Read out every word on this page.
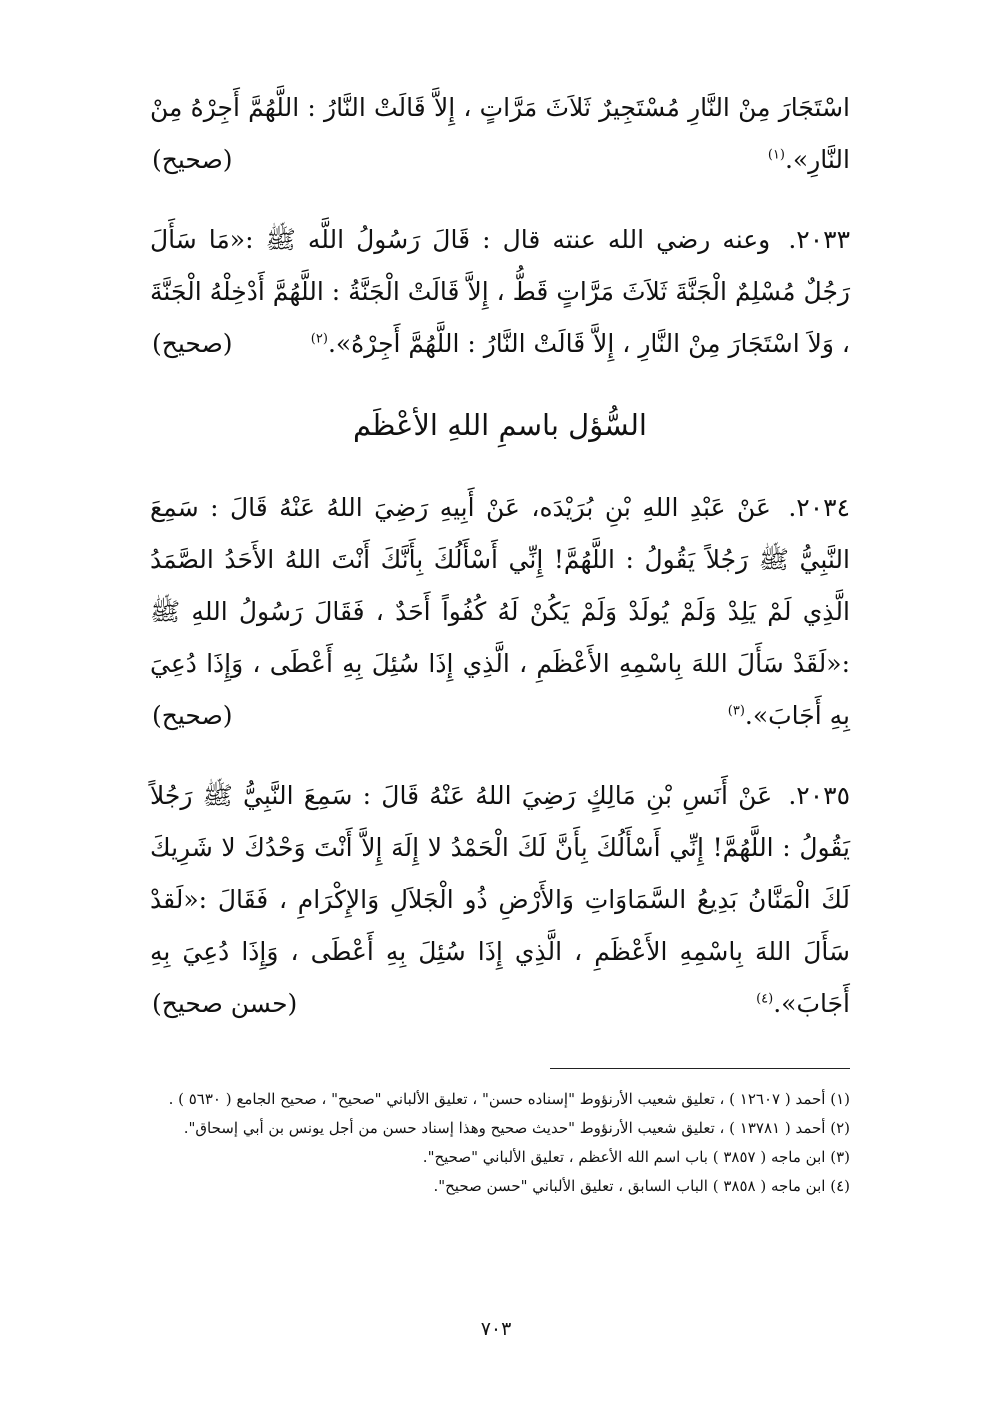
اسْتَجَارَ مِنْ النَّارِ مُسْتَجِيرٌ ثَلاَثَ مَرَّاتٍ ، إِلاَّ قَالَتْ النَّارُ : اللَّهُمَّ أَجِرْهُ مِنْ النَّارِ».$^{(١)}$
(صحيح)

٢٠٣٣. وعنه رضي الله عنته قال : قَالَ رَسُولُ اللَّه ﷺ :«مَا سَأَلَ رَجُلٌ مُسْلِمٌ الْجَنَّةَ ثَلاَثَ مَرَّاتٍ قَطُّ ، إِلاَّ قَالَتْ الْجَنَّةُ : اللَّهُمَّ أَدْخِلْهُ الْجَنَّةَ ، وَلاَ اسْتَجَارَ مِنْ النَّارِ ، إِلاَّ قَالَتْ النَّارُ : اللَّهُمَّ أَجِرْهُ».$^{(٢)}$
(صحيح)

السُّؤل باسمِ اللهِ الأعْظَم

٢٠٣٤. عَنْ عَبْدِ اللهِ بْنِ بُرَيْدَه، عَنْ أَبِيهِ رَضِيَ اللهُ عَنْهُ قَالَ : سَمِعَ النَّبِيُّ ﷺ رَجُلاً يَقُولُ : اللَّهُمَّ! إِنِّي أَسْأَلُكَ بِأَنَّكَ أَنْتَ اللهُ الأَحَدُ الصَّمَدُ الَّذِي لَمْ يَلِدْ وَلَمْ يُولَدْ وَلَمْ يَكُنْ لَهُ كُفُواً أَحَدٌ ، فَقَالَ رَسُولُ اللهِ ﷺ :«لَقَدْ سَأَلَ اللهَ بِاسْمِهِ الأَعْظَمِ ، الَّذِي إِذَا سُئِلَ بِهِ أَعْطَى ، وَإِذَا دُعِيَ بِهِ أَجَابَ».$^{(٣)}$
(صحيح)

٢٠٣٥. عَنْ أَنَسِ بْنِ مَالِكٍ رَضِيَ اللهُ عَنْهُ قَالَ : سَمِعَ النَّبِيُّ ﷺ رَجُلاً يَقُولُ : اللَّهُمَّ! إِنِّي أَسْأَلُكَ بِأَنَّ لَكَ الْحَمْدُ لا إِلَهَ إِلاَّ أَنْتَ وَحْدُكَ لا شَرِيكَ لَكَ الْمَنَّانُ بَدِيعُ السَّمَاوَاتِ وَالأَرْضِ ذُو الْجَلاَلِ وَالإِكْرَامِ ، فَقَالَ :«لَقدْ سَأَلَ اللهَ بِاسْمِهِ الأَعْظَمِ ، الَّذِي إِذَا سُئِلَ بِهِ أَعْطَى ، وَإِذَا دُعِيَ بِهِ أَجَابَ».$^{(٤)}$
(حسن صحيح)

(١) أحمد ( ١٢٦٠٧ ) ، تعليق شعيب الأرنؤوط "إسناده حسن" ، تعليق الألباني "صحيح" ، صحيح الجامع ( ٥٦٣٠ ) .

(٢) أحمد ( ١٣٧٨١ ) ، تعليق شعيب الأرنؤوط "حديث صحيح وهذا إسناد حسن من أجل يونس بن أبي إسحاق".

(٣) ابن ماجه ( ٣٨٥٧ ) باب اسم الله الأعظم ، تعليق الألباني "صحيح".

(٤) ابن ماجه ( ٣٨٥٨ ) الباب السابق ، تعليق الألباني "حسن صحيح".

٧٠٣
